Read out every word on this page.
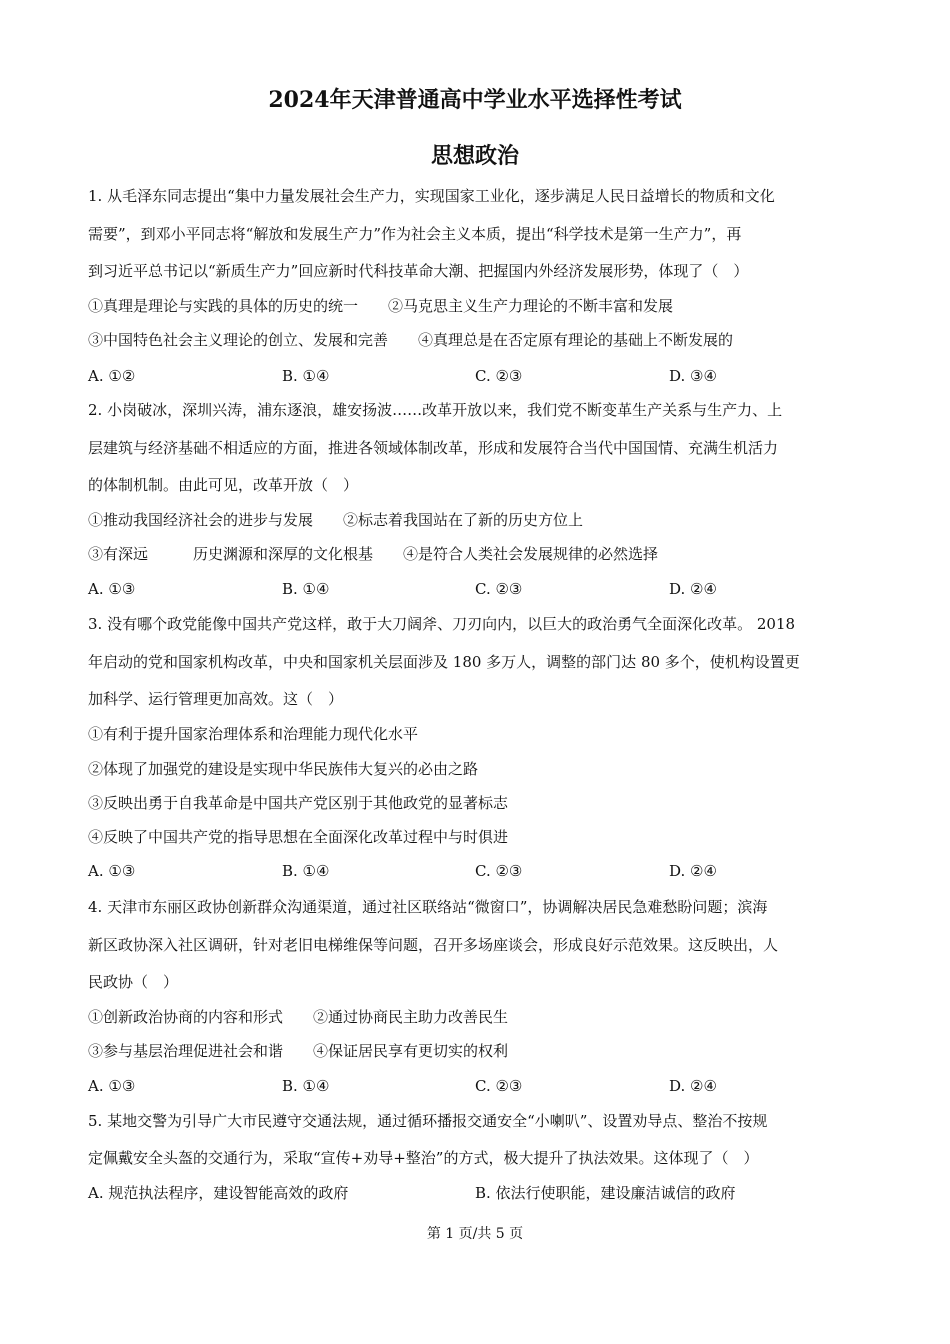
2024年天津普通高中学业水平选择性考试
思想政治
1. 从毛泽东同志提出“集中力量发展社会生产力，实现国家工业化，逐步满足人民日益增长的物质和文化
需要”，到邓小平同志将“解放和发展生产力”作为社会主义本质，提出“科学技术是第一生产力”，再
到习近平总书记以“新质生产力”回应新时代科技革命大潮、把握国内外经济发展形势，体现了（　）
①真理是理论与实践的具体的历史的统一　　②马克思主义生产力理论的不断丰富和发展
③中国特色社会主义理论的创立、发展和完善　　④真理总是在否定原有理论的基础上不断发展的
A. ①②	B. ①④	C. ②③	D. ③④
2. 小岗破冰，深圳兴涛，浦东逐浪，雄安扬波……改革开放以来，我们党不断变革生产关系与生产力、上
层建筑与经济基础不相适应的方面，推进各领域体制改革，形成和发展符合当代中国国情、充满生机活力
的体制机制。由此可见，改革开放（　）
①推动我国经济社会的进步与发展　　②标志着我国站在了新的历史方位上
③有深远　　　历史渊源和深厚的文化根基　　④是符合人类社会发展规律的必然选择
A. ①③	B. ①④	C. ②③	D. ②④
3. 没有哪个政党能像中国共产党这样，敢于大刀阔斧、刀刃向内，以巨大的政治勇气全面深化改革。 2018
年启动的党和国家机构改革，中央和国家机关层面涉及 180 多万人，调整的部门达 80 多个，使机构设置更
加科学、运行管理更加高效。这（　）
①有利于提升国家治理体系和治理能力现代化水平
②体现了加强党的建设是实现中华民族伟大复兴的必由之路
③反映出勇于自我革命是中国共产党区别于其他政党的显著标志
④反映了中国共产党的指导思想在全面深化改革过程中与时俱进
A. ①③	B. ①④	C. ②③	D. ②④
4. 天津市东丽区政协创新群众沟通渠道，通过社区联络站“微窗口”，协调解决居民急难愁盼问题；滨海
新区政协深入社区调研，针对老旧电梯维保等问题，召开多场座谈会，形成良好示范效果。这反映出，人
民政协（　）
①创新政治协商的内容和形式　　②通过协商民主助力改善民生
③参与基层治理促进社会和谐　　④保证居民享有更切实的权利
A. ①③	B. ①④	C. ②③	D. ②④
5. 某地交警为引导广大市民遵守交通法规，通过循环播报交通安全“小喇叭”、设置劝导点、整治不按规
定佩戴安全头盔的交通行为，采取“宣传+劝导+整治”的方式，极大提升了执法效果。这体现了（　）
A. 规范执法程序，建设智能高效的政府	B. 依法行使职能，建设廉洁诚信的政府
第 1 页/共 5 页
